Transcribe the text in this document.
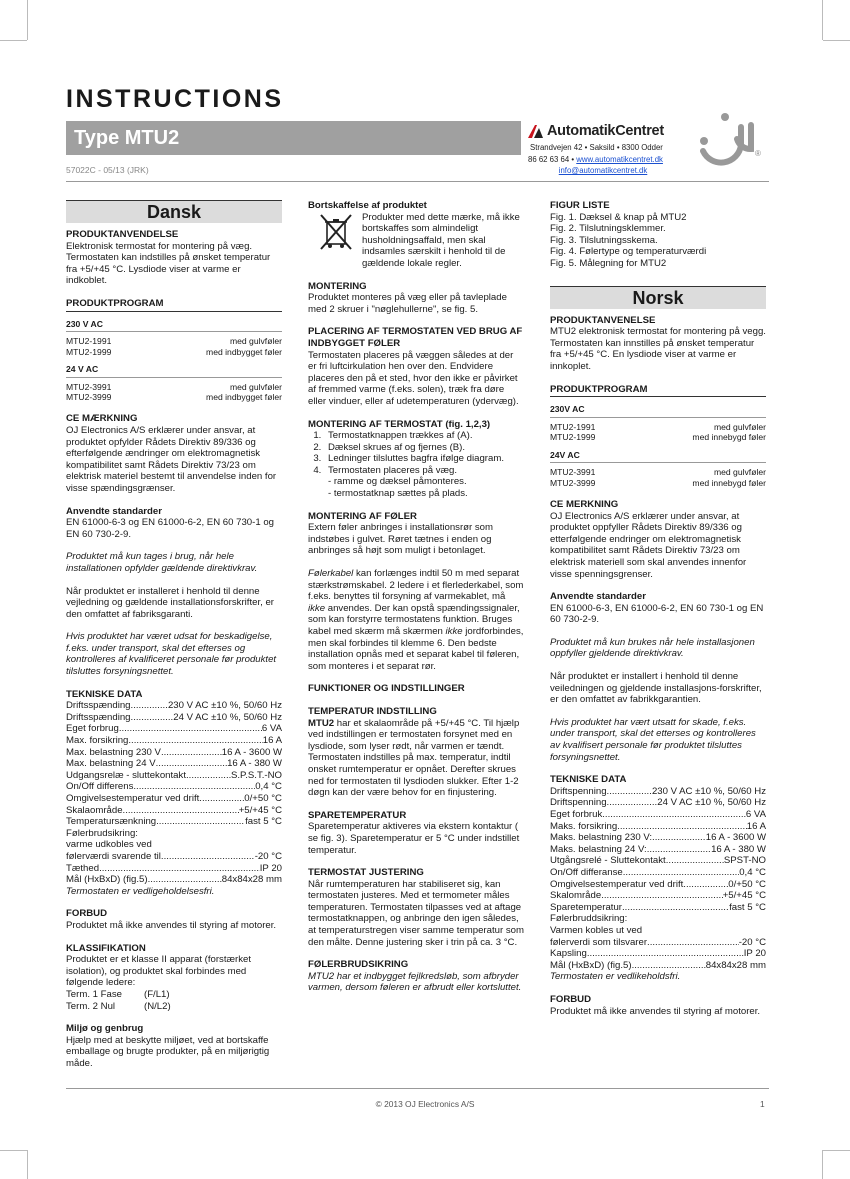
INSTRUCTIONS
Type MTU2
57022C - 05/13 (JRK)
AutomatikCentret
Strandvejen 42 • Saksild • 8300 Odder
86 62 63 64 • www.automatikcentret.dk
info@automatikcentret.dk
®
Dansk
PRODUKTANVENDELSE

Elektronisk termostat for montering på væg. Termostaten kan indstilles på ønsket temperatur fra +5/+45 °C. Lysdiode viser at varme er indkoblet.

PRODUKTPROGRAM
230 V AC
MTU2-1991	med gulvføler
MTU2-1999	med indbygget føler
24 V AC
MTU2-3991	med gulvføler
MTU2-3999	med indbygget føler
CE MÆRKNING

OJ Electronics A/S erklærer under ansvar, at produktet opfylder Rådets Direktiv 89/336 og efterfølgende ændringer om elektromagnetisk kompatibilitet samt Rådets Direktiv 73/23 om elektrisk materiel bestemt til anvendelse inden for visse spændingsgrænser.

Anvendte standarder

EN 61000-6-3 og EN 61000-6-2, EN 60 730-1 og EN 60 730-2-9.

Produktet må kun tages i brug, når hele installationen opfylder gældende direktivkrav.

Når produktet er installeret i henhold til denne vejledning og gældende installationsforskrifter, er den omfattet af fabriksgaranti.

Hvis produktet har været udsat for beskadigelse, f.eks. under transport, skal det efterses og kontrolleres af kvalificeret personale før produktet tilsluttes forsyningsnettet.

TEKNISKE DATA
Driftsspænding .....	230 V AC ±10 %, 50/60 Hz
Driftsspænding .....	24 V AC ±10 %, 50/60 Hz
Eget forbrug .....	6 VA
Max. forsikring .....	16 A
Max. belastning 230 V .....	16 A - 3600 W
Max. belastning 24 V .....	16 A - 380 W
Udgangsrelæ - sluttekontakt .....	S.P.S.T.-NO
On/Off differens .....	0,4 °C
Omgivelsestemperatur ved drift .....	0/+50 °C
Skalaområde .....	+5/+45 °C
Temperatursænkning .....	fast 5 °C

Følerbrudsikring:

varme udkobles ved

følerværdi svarende til .....	-20 °C
Tæthed .....	IP 20
Mål (HxBxD) (fig.5) .....	84x84x28 mm

Termostaten er vedligeholdelsesfri.

FORBUD

Produktet må ikke anvendes til styring af motorer.

KLASSIFIKATION

Produktet er et klasse II apparat (forstærket isolation), og produktet skal forbindes med følgende ledere:

Term. 1 Fase	(F/L1)
Term. 2 Nul	(N/L2)
Miljø og genbrug

Hjælp med at beskytte miljøet, ved at bortskaffe emballage og brugte produkter, på en miljørigtig måde.

Bortskaffelse af produktet

Produkter med dette mærke, må ikke bortskaffes som almindeligt husholdningsaffald, men skal indsamles særskilt i henhold til de gældende lokale regler.

MONTERING

Produktet monteres på væg eller på tavleplade med 2 skruer i "nøglehullerne", se fig. 5.

PLACERING AF TERMOSTATEN VED BRUG AF INDBYGGET FØLER

Termostaten placeres på væggen således at der er fri luftcirkulation hen over den. Endvidere placeres den på et sted, hvor den ikke er påvirket af fremmed varme (f.eks. solen), træk fra døre eller vinduer, eller af udetemperaturen (ydervæg).

MONTERING AF TERMOSTAT (fig. 1,2,3)
1. Termostatknappen trækkes af (A).
2. Dæksel skrues af og fjernes (B).
3. Ledninger tilsluttes bagfra ifølge diagram.
4. Termostaten placeres på væg.

- ramme og dæksel påmonteres.

- termostatknap sættes på plads.

MONTERING AF FØLER

Extern føler anbringes i installationsrør som indstøbes i gulvet. Røret tætnes i enden og anbringes så højt som muligt i betonlaget.

Følerkabel kan forlænges indtil 50 m med separat stærkstrømskabel. 2 ledere i et flerlederkabel, som f.eks. benyttes til forsyning af varmekablet, må ikke anvendes. Der kan opstå spændingssignaler, som kan forstyrre termostatens funktion. Bruges kabel med skærm må skærmen ikke jordforbindes, men skal forbindes til klemme 6. Den bedste installation opnås med et separat kabel til føleren, som monteres i et separat rør.

FUNKTIONER OG INDSTILLINGER
TEMPERATUR INDSTILLING

MTU2 har et skalaområde på +5/+45 °C. Til hjælp ved indstillingen er termostaten forsynet med en lysdiode, som lyser rødt, når varmen er tændt. Termostaten indstilles på max. temperatur, indtil onsket rumtemperatur er opnået. Derefter skrues ned for termostaten til lysdioden slukker. Efter 1-2 døgn kan der være behov for en finjustering.

SPARETEMPERATUR

Sparetemperatur aktiveres via ekstern kontaktur ( se fig. 3). Sparetemperatur er 5 °C under indstillet temperatur.

TERMOSTAT JUSTERING

Når rumtemperaturen har stabiliseret sig, kan termostaten justeres. Med et termometer måles temperaturen. Termostaten tilpasses ved at aftage termostatknappen, og anbringe den igen således, at temperaturstregen viser samme temperatur som den målte. Denne justering sker i trin på ca. 3 °C.

FØLERBRUDSIKRING

MTU2 har et indbygget fejlkredsløb, som afbryder varmen, dersom føleren er afbrudt eller kortsluttet.

FIGUR LISTE

Fig. 1. Dæksel & knap på MTU2

Fig. 2. Tilslutningsklemmer.

Fig. 3. Tilslutningsskema.

Fig. 4. Følertype og temperaturværdi

Fig. 5. Målegning for MTU2

Norsk
PRODUKTANVENELSE

MTU2 elektronisk termostat for montering på vegg. Termostaten kan innstilles på ønsket temperatur fra +5/+45 °C. En lysdiode viser at varme er innkoplet.

PRODUKTPROGRAM
230V AC
MTU2-1991	med gulvføler
MTU2-1999	med innebygd føler
24V AC
MTU2-3991	med gulvføler
MTU2-3999	med innebygd føler
CE MERKNING

OJ Electronics A/S erklærer under ansvar, at produktet oppfyller Rådets Direktiv 89/336 og etterfølgende endringer om elektromagnetisk kompatibilitet samt Rådets Direktiv 73/23 om elektrisk materiell som skal anvendes innenfor visse spenningsgrenser.

Anvendte standarder

EN 61000-6-3, EN 61000-6-2, EN 60 730-1 og EN 60 730-2-9.

Produktet må kun brukes når hele installasjonen oppfyller gjeldende direktivkrav.

Når produktet er installert i henhold til denne veiledningen og gjeldende installasjons-forskrifter, er den omfattet av fabrikkgarantien.

Hvis produktet har vært utsatt for skade, f.eks. under transport, skal det etterses og kontrolleres av kvalifisert personale før produktet tilsluttes forsyningsnettet.

TEKNISKE DATA
Driftspenning .....	230 V AC ±10 %, 50/60 Hz
Driftspenning .....	24 V AC ±10 %, 50/60 Hz
Eget forbruk .....	6 VA
Maks. forsikring .....	16 A
Maks. belastning 230 V: .....	16 A - 3600 W
Maks. belastning 24 V: .....	16 A - 380 W
Utgångsrelé - Sluttekontakt .....	SPST-NO
On/Off differanse .....	0,4 °C
Omgivelsestemperatur ved drift .....	0/+50 °C
Skalområde .....	+5/+45 °C
Sparetemperatur .....	fast 5 °C

Følerbruddsikring:

Varmen kobles ut ved

følerverdi som tilsvarer .....	-20 °C
Kapsling .....	IP 20
Mål (HxBxD) (fig.5) .....	84x84x28 mm

Termostaten er vedlikeholdsfri.

FORBUD

Produktet må ikke anvendes til styring af motorer.

© 2013 OJ Electronics A/S	1
